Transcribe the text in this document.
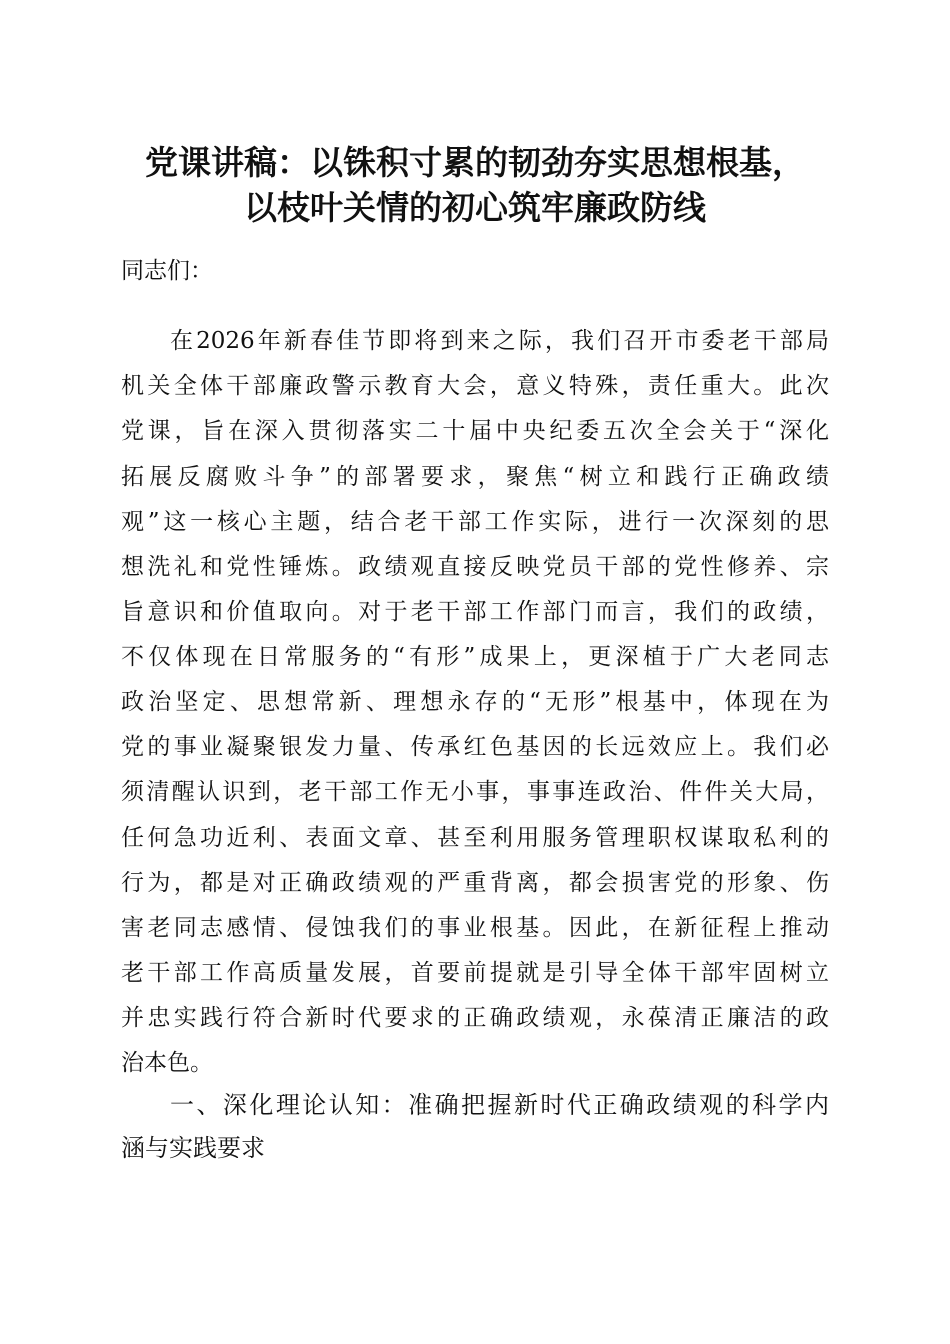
党课讲稿：以铢积寸累的韧劲夯实思想根基，
以枝叶关情的初心筑牢廉政防线

同志们：

在2026年新春佳节即将到来之际，我们召开市委老干部局

机关全体干部廉政警示教育大会，意义特殊，责任重大。此次

党课，旨在深入贯彻落实二十届中央纪委五次全会关于“深化

拓展反腐败斗争”的部署要求，聚焦“树立和践行正确政绩

观”这一核心主题，结合老干部工作实际，进行一次深刻的思

想洗礼和党性锤炼。政绩观直接反映党员干部的党性修养、宗

旨意识和价值取向。对于老干部工作部门而言，我们的政绩，

不仅体现在日常服务的“有形”成果上，更深植于广大老同志

政治坚定、思想常新、理想永存的“无形”根基中，体现在为

党的事业凝聚银发力量、传承红色基因的长远效应上。我们必

须清醒认识到，老干部工作无小事，事事连政治、件件关大局，

任何急功近利、表面文章、甚至利用服务管理职权谋取私利的

行为，都是对正确政绩观的严重背离，都会损害党的形象、伤

害老同志感情、侵蚀我们的事业根基。因此，在新征程上推动

老干部工作高质量发展，首要前提就是引导全体干部牢固树立

并忠实践行符合新时代要求的正确政绩观，永葆清正廉洁的政

治本色。

一、深化理论认知：准确把握新时代正确政绩观的科学内

涵与实践要求
